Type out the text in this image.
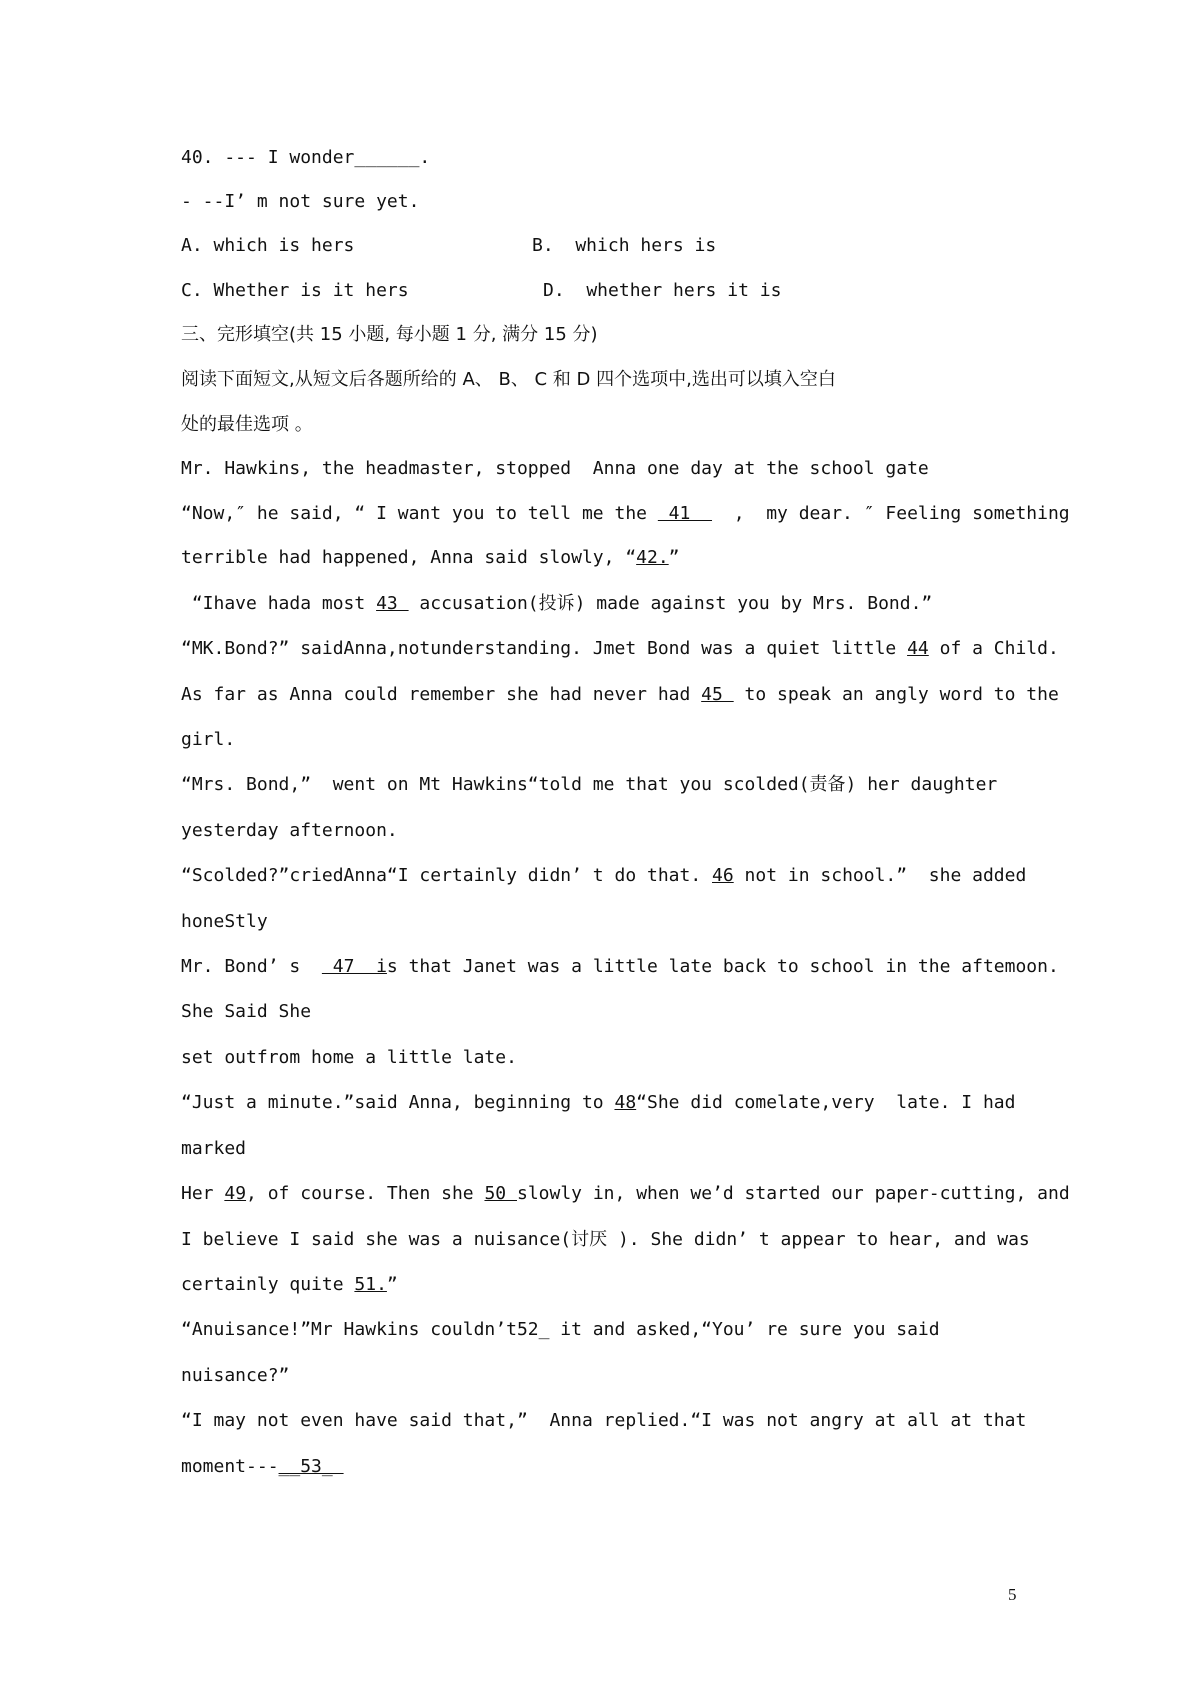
40. --- I wonder______.
- --I’ m not sure yet.
A. which is hers	B.  which hers is
C. Whether is it hers	D.  whether hers it is
三、完形填空(共 15 小题, 每小题 1 分, 满分 15 分)
阅读下面短文,从短文后各题所给的 A、 B、 C 和 D 四个选项中,选出可以填入空白
处的最佳选项 。
Mr. Hawkins, the headmaster, stopped  Anna one day at the school gate
“Now,″ he said, “ I want you to tell me the  41    ,  my dear. ″ Feeling something
terrible had happened, Anna said slowly, “42.”
“Ihave hada most 43  accusation(投诉) made against you by Mrs. Bond.”
“MK.Bond?” saidAnna,notunderstanding. Jmet Bond was a quiet little 44 of a Child.
As far as Anna could remember she had never had 45  to speak an angly word to the
girl.
“Mrs. Bond,”  went on Mt Hawkins“told me that you scolded(责备) her daughter
yesterday afternoon.
“Scolded?”criedAnna“I certainly didn’ t do that. 46 not in school.”  she added
honeStly
Mr. Bond’ s   47  is that Janet was a little late back to school in the aftemoon.
She Said She
set outfrom home a little late.
“Just a minute.”said Anna, beginning to 48“She did comelate,very  late. I had
marked
Her 49, of course. Then she 50 slowly in, when we’d started our paper-cutting, and
I believe I said she was a nuisance(讨厌 ). She didn’ t appear to hear, and was
certainly quite 51.”
“Anuisance!”Mr Hawkins couldn’t52_ it and asked,“You’ re sure you said
nuisance?”
“I may not even have said that,”  Anna replied.“I was not angry at all at that
moment---__53_
5
